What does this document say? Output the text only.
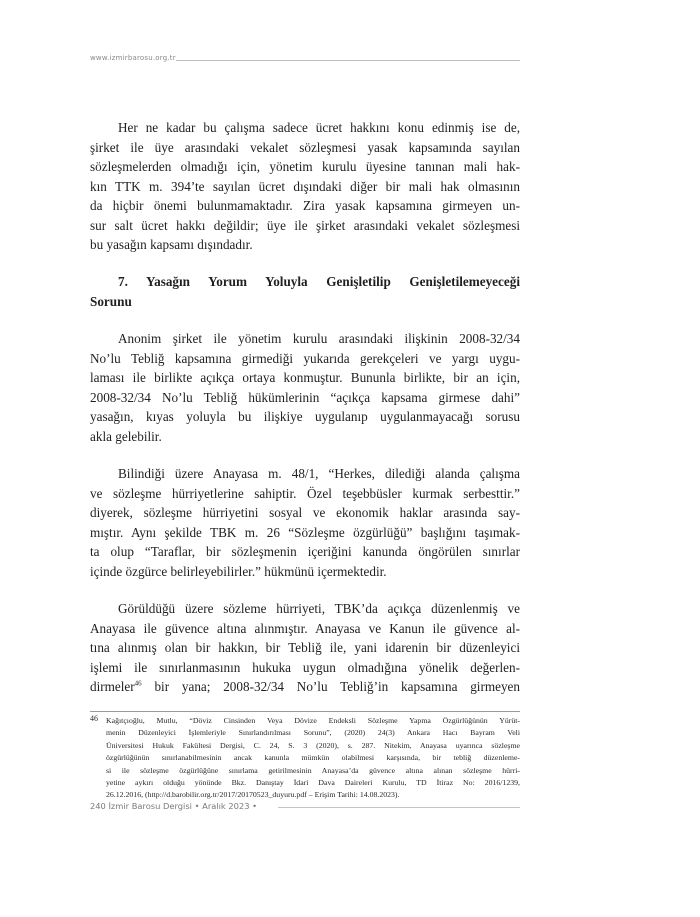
www.izmirbarosu.org.tr
Her ne kadar bu çalışma sadece ücret hakkını konu edinmiş ise de,
şirket ile üye arasındaki vekalet sözleşmesi yasak kapsamında sayılan
sözleşmelerden olmadığı için, yönetim kurulu üyesine tanınan mali hak-
kın TTK m. 394’te sayılan ücret dışındaki diğer bir mali hak olmasının
da hiçbir önemi bulunmamaktadır. Zira yasak kapsamına girmeyen un-
sur salt ücret hakkı değildir; üye ile şirket arasındaki vekalet sözleşmesi
bu yasağın kapsamı dışındadır.
7. Yasağın Yorum Yoluyla Genişletilip Genişletilemeyeceği
Sorunu
Anonim şirket ile yönetim kurulu arasındaki ilişkinin 2008-32/34
No’lu Tebliğ kapsamına girmediği yukarıda gerekçeleri ve yargı uygu-
laması ile birlikte açıkça ortaya konmuştur. Bununla birlikte, bir an için,
2008-32/34 No’lu Tebliğ hükümlerinin “açıkça kapsama girmese dahi”
yasağın, kıyas yoluyla bu ilişkiye uygulanıp uygulanmayacağı sorusu
akla gelebilir.
Bilindiği üzere Anayasa m. 48/1, “Herkes, dilediği alanda çalışma
ve sözleşme hürriyetlerine sahiptir. Özel teşebbüsler kurmak serbesttir.”
diyerek, sözleşme hürriyetini sosyal ve ekonomik haklar arasında say-
mıştır. Aynı şekilde TBK m. 26 “Sözleşme özgürlüğü” başlığını taşımak-
ta olup “Taraflar, bir sözleşmenin içeriğini kanunda öngörülen sınırlar
içinde özgürce belirleyebilirler.” hükmünü içermektedir.
Görüldüğü üzere sözleme hürriyeti, TBK’da açıkça düzenlenmiş ve
Anayasa ile güvence altına alınmıştır. Anayasa ve Kanun ile güvence al-
tına alınmış olan bir hakkın, bir Tebliğ ile, yani idarenin bir düzenleyici
işlemi ile sınırlanmasının hukuka uygun olmadığına yönelik değerlen-
dirmeler$^{46}$ bir yana; 2008-32/34 No’lu Tebliğ’in kapsamına girmeyen
46 Kağıtçıoğlu, Mutlu, “Döviz Cinsinden Veya Dövize Endeksli Sözleşme Yapma Özgürlüğünün Yürüt-
menin Düzenleyici İşlemleriyle Sınırlandırılması Sorunu”, (2020) 24(3) Ankara Hacı Bayram Veli
Üniversitesi Hukuk Fakültesi Dergisi, C. 24, S. 3 (2020), s. 287. Nitekim, Anayasa uyarınca sözleşme
özgürlüğünün sınırlanabilmesinin ancak kanunla mümkün olabilmesi karşısında, bir tebliğ düzenleme-
si ile sözleşme özgürlüğüne sınırlama getirilmesinin Anayasa’da güvence altına alınan sözleşme hürri-
yetine aykırı olduğu yönünde Bkz. Danıştay İdari Dava Daireleri Kurulu, TD İtiraz No: 2016/1239,
26.12.2016, (http://d.barobilir.org.tr/2017/20170523_duyuru.pdf – Erişim Tarihi: 14.08.2023).
240 İzmir Barosu Dergisi • Aralık 2023 •
